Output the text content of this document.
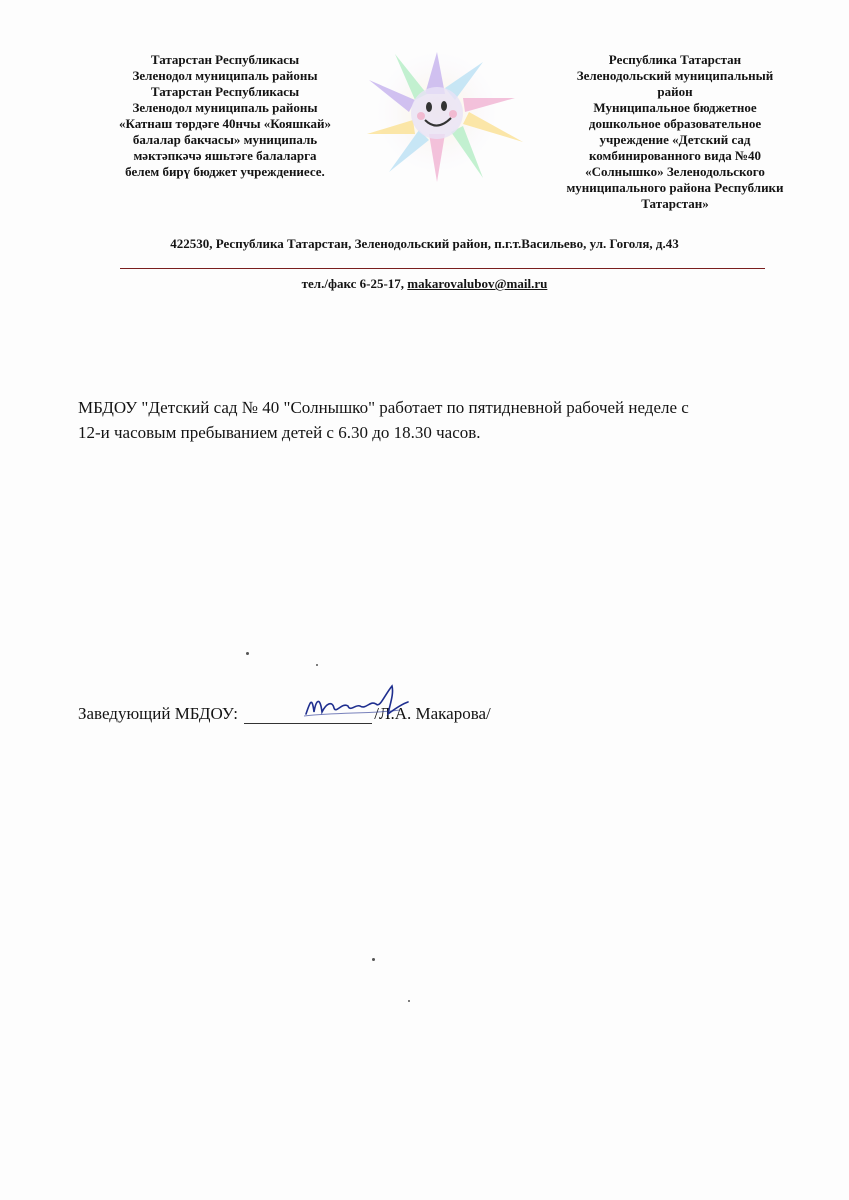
Татарстан Республикасы
Зеленодол муниципаль районы
Татарстан Республикасы
Зеленодол муниципаль районы
«Катнаш төрдәге 40нчы «Кояшкай»
балалар бакчасы» муниципаль
мәктәпкәчә яшьтәге балаларга
белем бирү бюджет учреждениесе.
Республика Татарстан
Зеленодольский муниципальный
район
Муниципальное бюджетное
дошкольное образовательное
учреждение «Детский сад
комбинированного вида №40
«Солнышко» Зеленодольского
муниципального района Республики
Татарстан»
422530, Республика Татарстан, Зеленодольский район, п.г.т.Васильево, ул. Гоголя, д.43
тел./факс 6-25-17, makarovalubov@mail.ru
МБДОУ "Детский сад № 40 "Солнышко" работает по пятидневной рабочей неделе с
12-и часовым пребыванием детей с 6.30 до 18.30 часов.
Заведующий МБДОУ:	/Л.А. Макарова/
